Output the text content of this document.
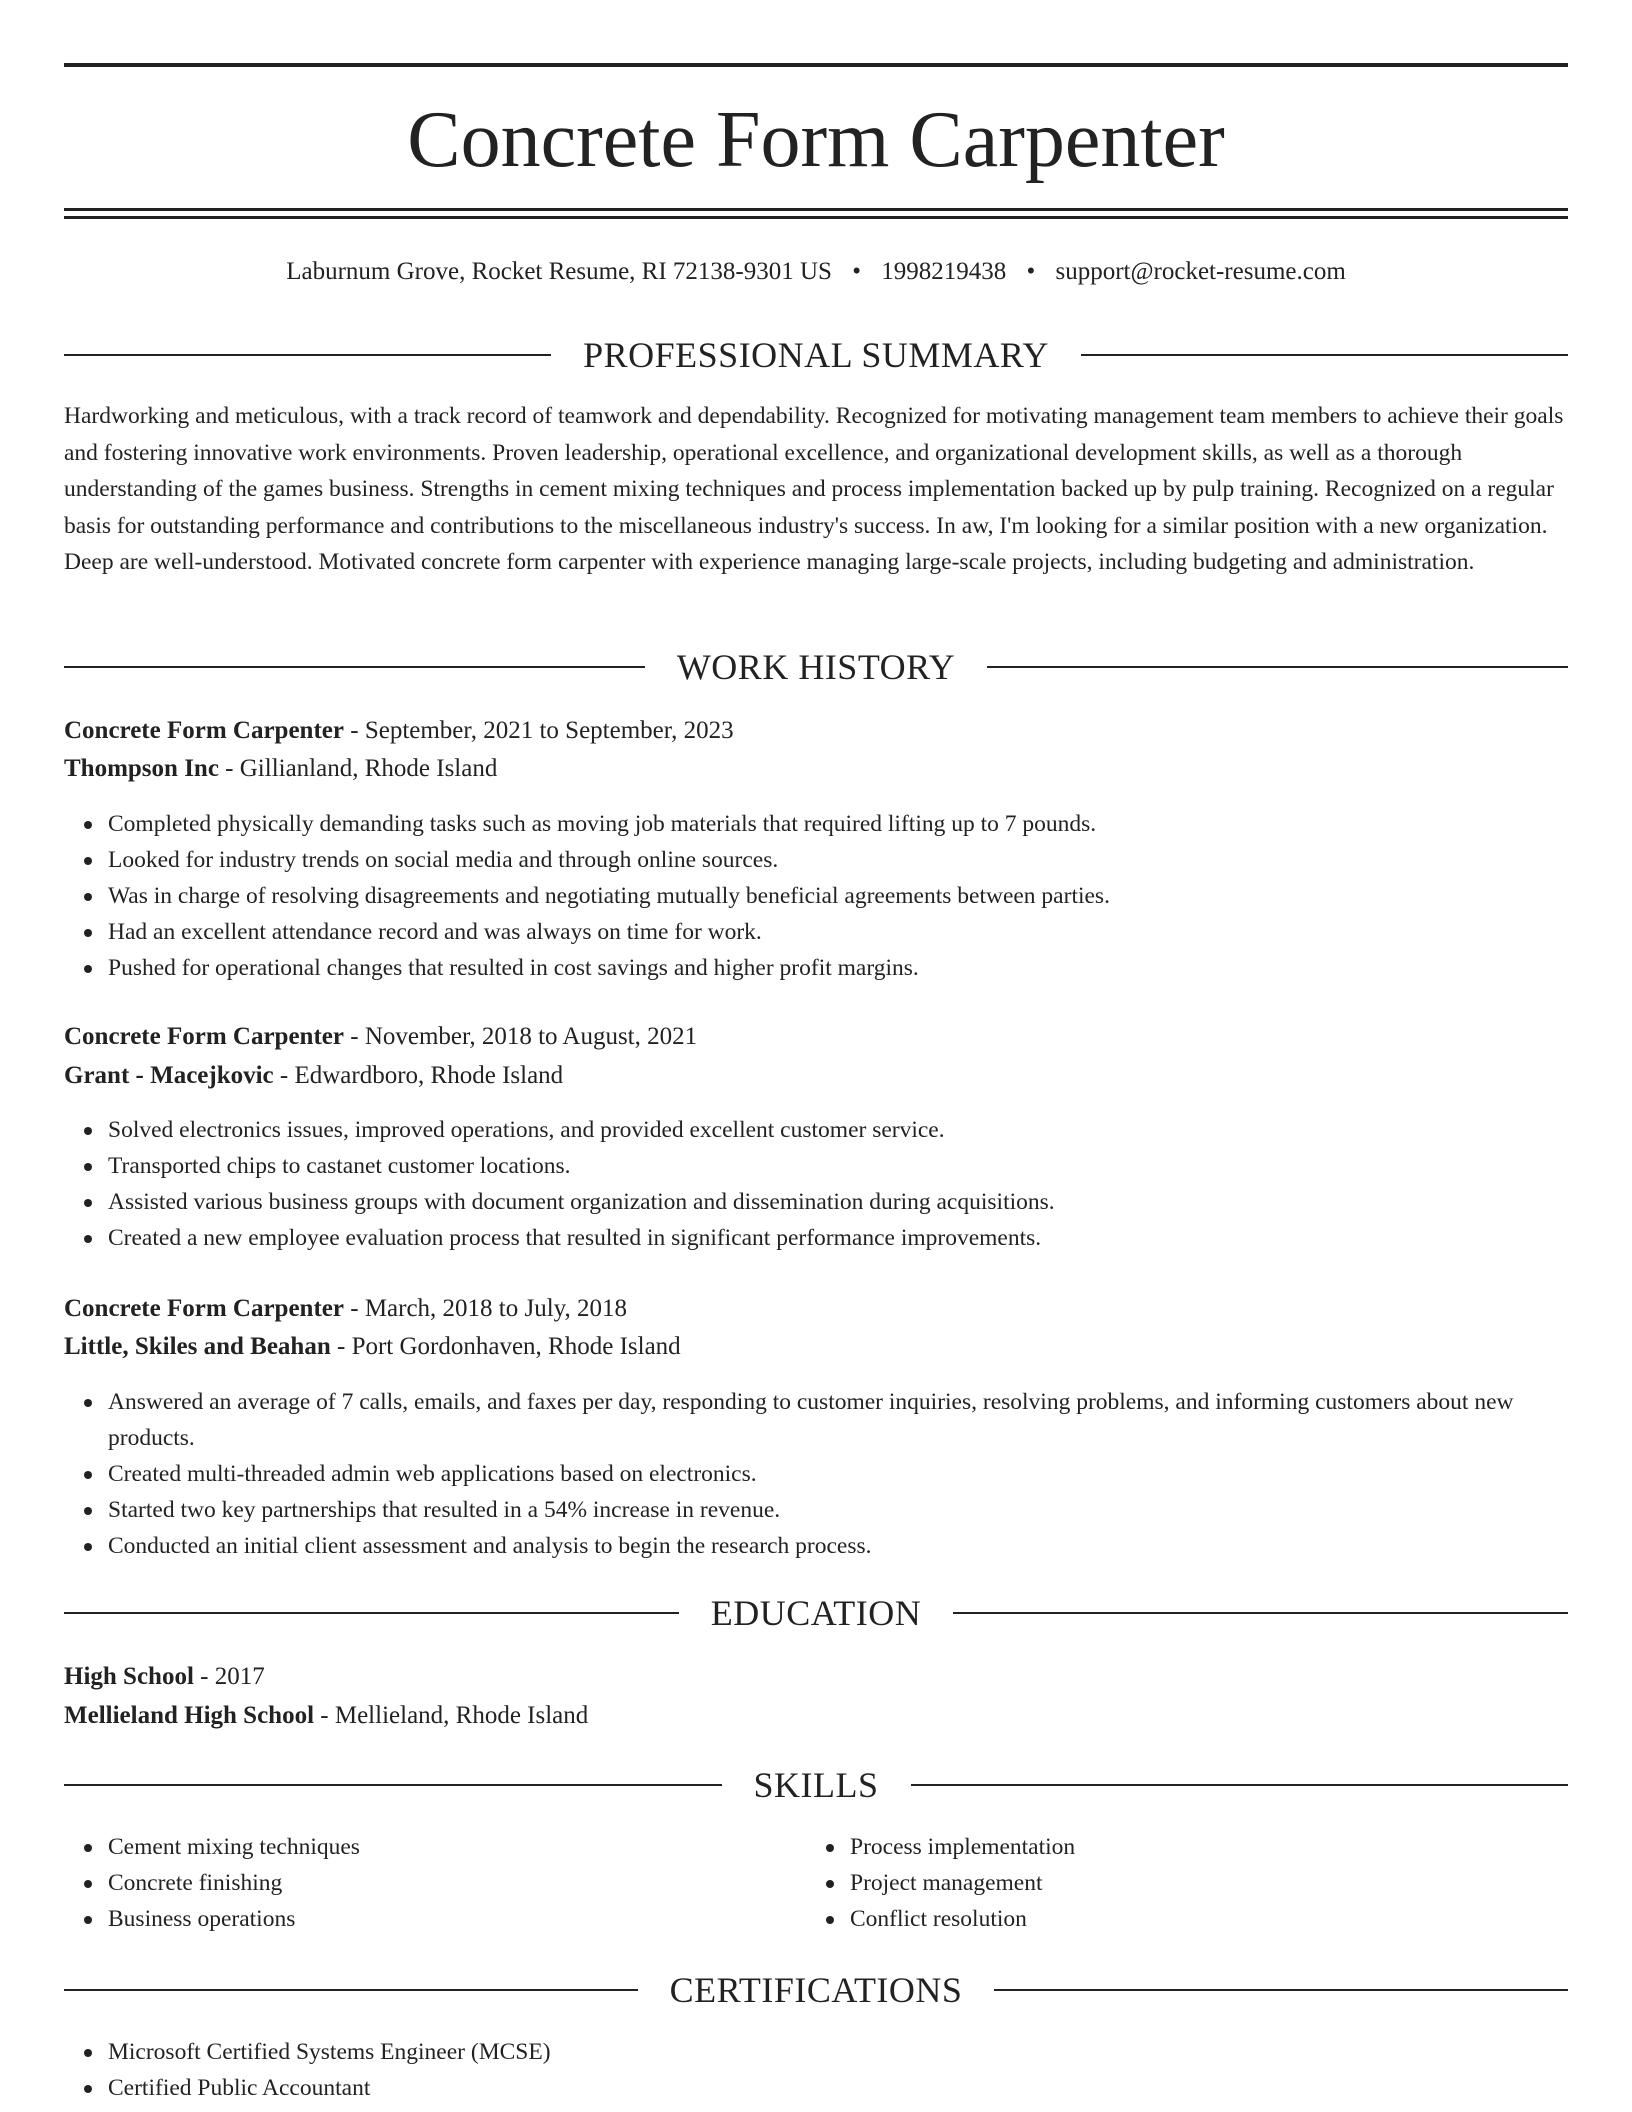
Concrete Form Carpenter
Laburnum Grove, Rocket Resume, RI 72138-9301 US • 1998219438 • support@rocket-resume.com
PROFESSIONAL SUMMARY

Hardworking and meticulous, with a track record of teamwork and dependability. Recognized for motivating management team members to achieve their goals and fostering innovative work environments. Proven leadership, operational excellence, and organizational development skills, as well as a thorough understanding of the games business. Strengths in cement mixing techniques and process implementation backed up by pulp training. Recognized on a regular basis for outstanding performance and contributions to the miscellaneous industry's success. In aw, I'm looking for a similar position with a new organization. Deep are well-understood. Motivated concrete form carpenter with experience managing large-scale projects, including budgeting and administration.

WORK HISTORY
Concrete Form Carpenter - September, 2021 to September, 2023
Thompson Inc - Gillianland, Rhode Island
Completed physically demanding tasks such as moving job materials that required lifting up to 7 pounds.
Looked for industry trends on social media and through online sources.
Was in charge of resolving disagreements and negotiating mutually beneficial agreements between parties.
Had an excellent attendance record and was always on time for work.
Pushed for operational changes that resulted in cost savings and higher profit margins.
Concrete Form Carpenter - November, 2018 to August, 2021
Grant - Macejkovic - Edwardboro, Rhode Island
Solved electronics issues, improved operations, and provided excellent customer service.
Transported chips to castanet customer locations.
Assisted various business groups with document organization and dissemination during acquisitions.
Created a new employee evaluation process that resulted in significant performance improvements.
Concrete Form Carpenter - March, 2018 to July, 2018
Little, Skiles and Beahan - Port Gordonhaven, Rhode Island
Answered an average of 7 calls, emails, and faxes per day, responding to customer inquiries, resolving problems, and informing customers about new products.
Created multi-threaded admin web applications based on electronics.
Started two key partnerships that resulted in a 54% increase in revenue.
Conducted an initial client assessment and analysis to begin the research process.
EDUCATION
High School - 2017
Mellieland High School - Mellieland, Rhode Island
SKILLS
Cement mixing techniques
Concrete finishing
Business operations
Process implementation
Project management
Conflict resolution
CERTIFICATIONS
Microsoft Certified Systems Engineer (MCSE)
Certified Public Accountant
